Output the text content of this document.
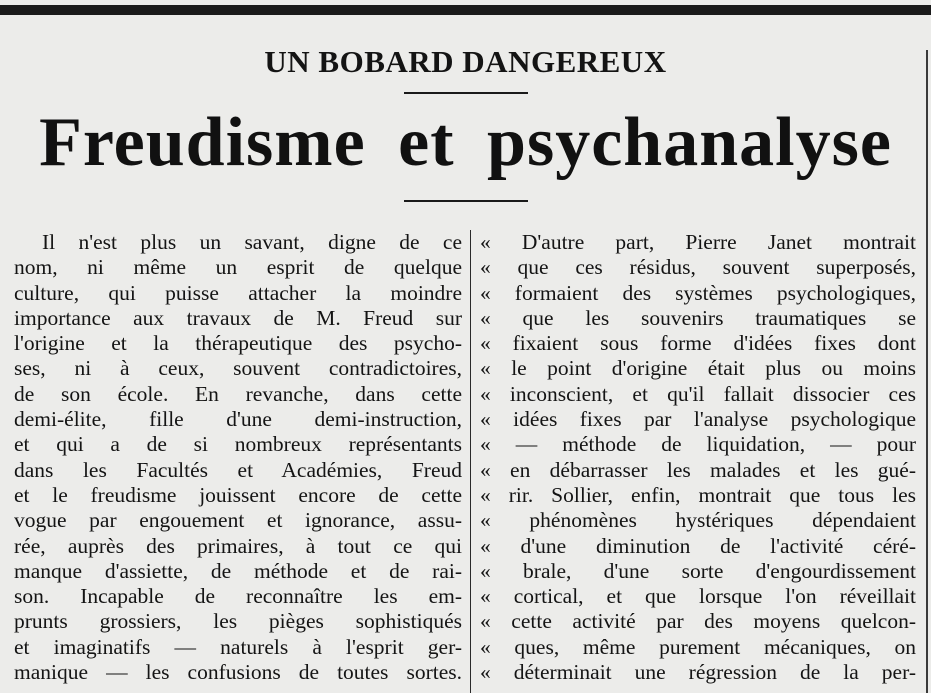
UN BOBARD DANGEREUX
Freudisme et psychanalyse
Il n'est plus un savant, digne de ce
nom, ni même un esprit de quelque
culture, qui puisse attacher la moindre
importance aux travaux de M. Freud sur
l'origine et la thérapeutique des psycho-
ses, ni à ceux, souvent contradictoires,
de son école. En revanche, dans cette
demi-élite, fille d'une demi-instruction,
et qui a de si nombreux représentants
dans les Facultés et Académies, Freud
et le freudisme jouissent encore de cette
vogue par engouement et ignorance, assu-
rée, auprès des primaires, à tout ce qui
manque d'assiette, de méthode et de rai-
son. Incapable de reconnaître les em-
prunts grossiers, les pièges sophistiqués
et imaginatifs — naturels à l'esprit ger-
manique — les confusions de toutes sortes.
« D'autre part, Pierre Janet montrait
« que ces résidus, souvent superposés,
« formaient des systèmes psychologiques,
« que les souvenirs traumatiques se
« fixaient sous forme d'idées fixes dont
« le point d'origine était plus ou moins
« inconscient, et qu'il fallait dissocier ces
« idées fixes par l'analyse psychologique
« — méthode de liquidation, — pour
« en débarrasser les malades et les gué-
« rir. Sollier, enfin, montrait que tous les
« phénomènes hystériques dépendaient
« d'une diminution de l'activité céré-
« brale, d'une sorte d'engourdissement
« cortical, et que lorsque l'on réveillait
« cette activité par des moyens quelcon-
« ques, même purement mécaniques, on
« déterminait une régression de la per-
